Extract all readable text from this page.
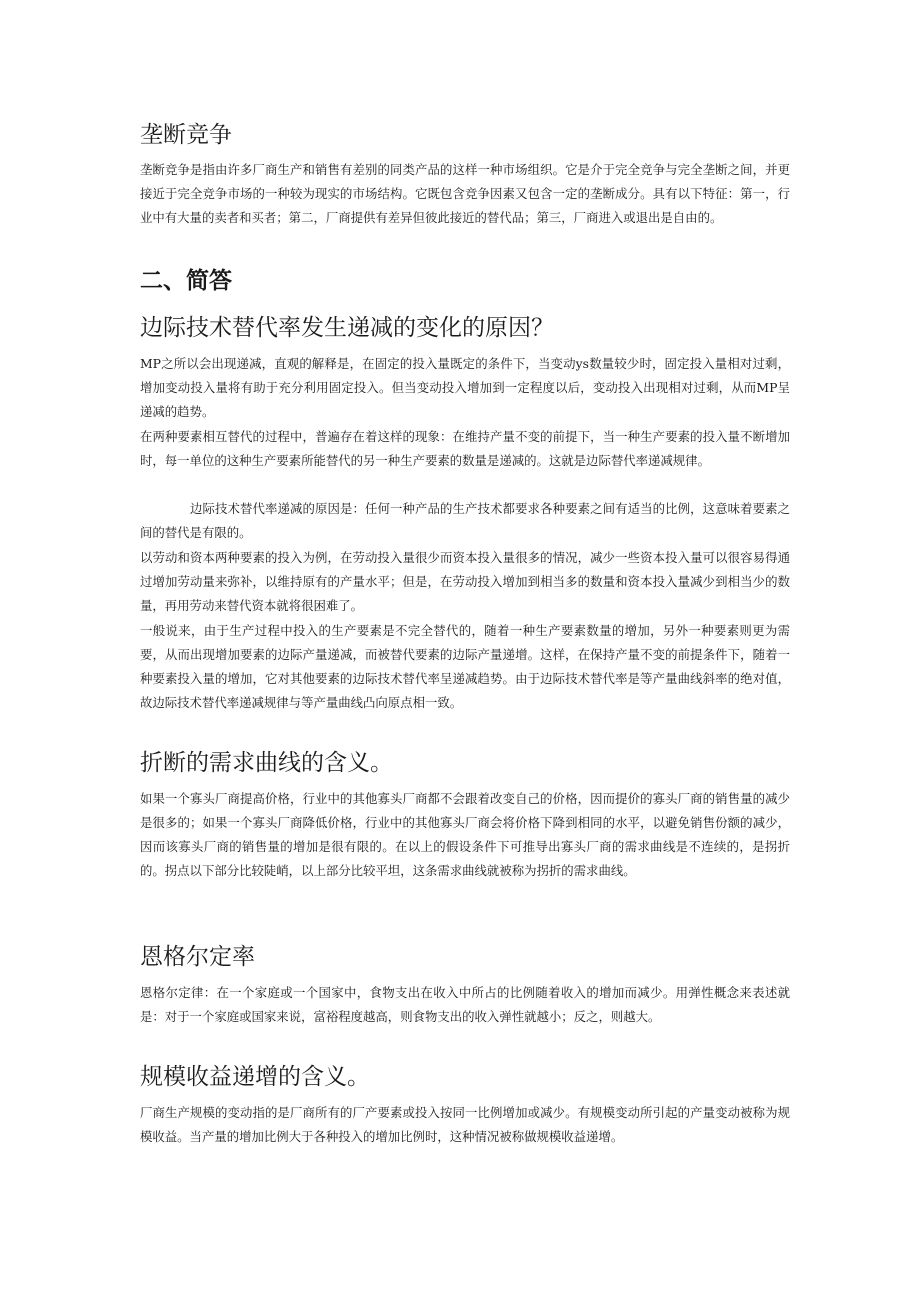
垄断竞争

垄断竞争是指由许多厂商生产和销售有差别的同类产品的这样一种市场组织。它是介于完全竞争与完全垄断之间，并更接近于完全竞争市场的一种较为现实的市场结构。它既包含竞争因素又包含一定的垄断成分。具有以下特征：第一，行业中有大量的卖者和买者；第二，厂商提供有差异但彼此接近的替代品；第三，厂商进入或退出是自由的。

二、简答
边际技术替代率发生递减的变化的原因？

MP之所以会出现递减，直观的解释是，在固定的投入量既定的条件下，当变动ys数量较少时，固定投入量相对过剩，增加变动投入量将有助于充分利用固定投入。但当变动投入增加到一定程度以后，变动投入出现相对过剩，从而MP呈递减的趋势。

在两种要素相互替代的过程中，普遍存在着这样的现象：在维持产量不变的前提下，当一种生产要素的投入量不断增加时，每一单位的这种生产要素所能替代的另一种生产要素的数量是递减的。这就是边际替代率递减规律。

边际技术替代率递减的原因是：任何一种产品的生产技术都要求各种要素之间有适当的比例，这意味着要素之间的替代是有限的。

以劳动和资本两种要素的投入为例，在劳动投入量很少而资本投入量很多的情况，减少一些资本投入量可以很容易得通过增加劳动量来弥补，以维持原有的产量水平；但是，在劳动投入增加到相当多的数量和资本投入量减少到相当少的数量，再用劳动来替代资本就将很困难了。

一般说来，由于生产过程中投入的生产要素是不完全替代的，随着一种生产要素数量的增加，另外一种要素则更为需要，从而出现增加要素的边际产量递减，而被替代要素的边际产量递增。这样，在保持产量不变的前提条件下，随着一种要素投入量的增加，它对其他要素的边际技术替代率呈递减趋势。由于边际技术替代率是等产量曲线斜率的绝对值，故边际技术替代率递减规律与等产量曲线凸向原点相一致。

折断的需求曲线的含义。

如果一个寡头厂商提高价格，行业中的其他寡头厂商都不会跟着改变自己的价格，因而提价的寡头厂商的销售量的减少是很多的；如果一个寡头厂商降低价格，行业中的其他寡头厂商会将价格下降到相同的水平，以避免销售份额的减少，因而该寡头厂商的销售量的增加是很有限的。在以上的假设条件下可推导出寡头厂商的需求曲线是不连续的，是拐折的。拐点以下部分比较陡峭，以上部分比较平坦，这条需求曲线就被称为拐折的需求曲线。

恩格尔定率

恩格尔定律：在一个家庭或一个国家中，食物支出在收入中所占的比例随着收入的增加而减少。用弹性概念来表述就是：对于一个家庭或国家来说，富裕程度越高，则食物支出的收入弹性就越小；反之，则越大。

规模收益递增的含义。

厂商生产规模的变动指的是厂商所有的厂产要素或投入按同一比例增加或减少。有规模变动所引起的产量变动被称为规模收益。当产量的增加比例大于各种投入的增加比例时，这种情况被称做规模收益递增。
